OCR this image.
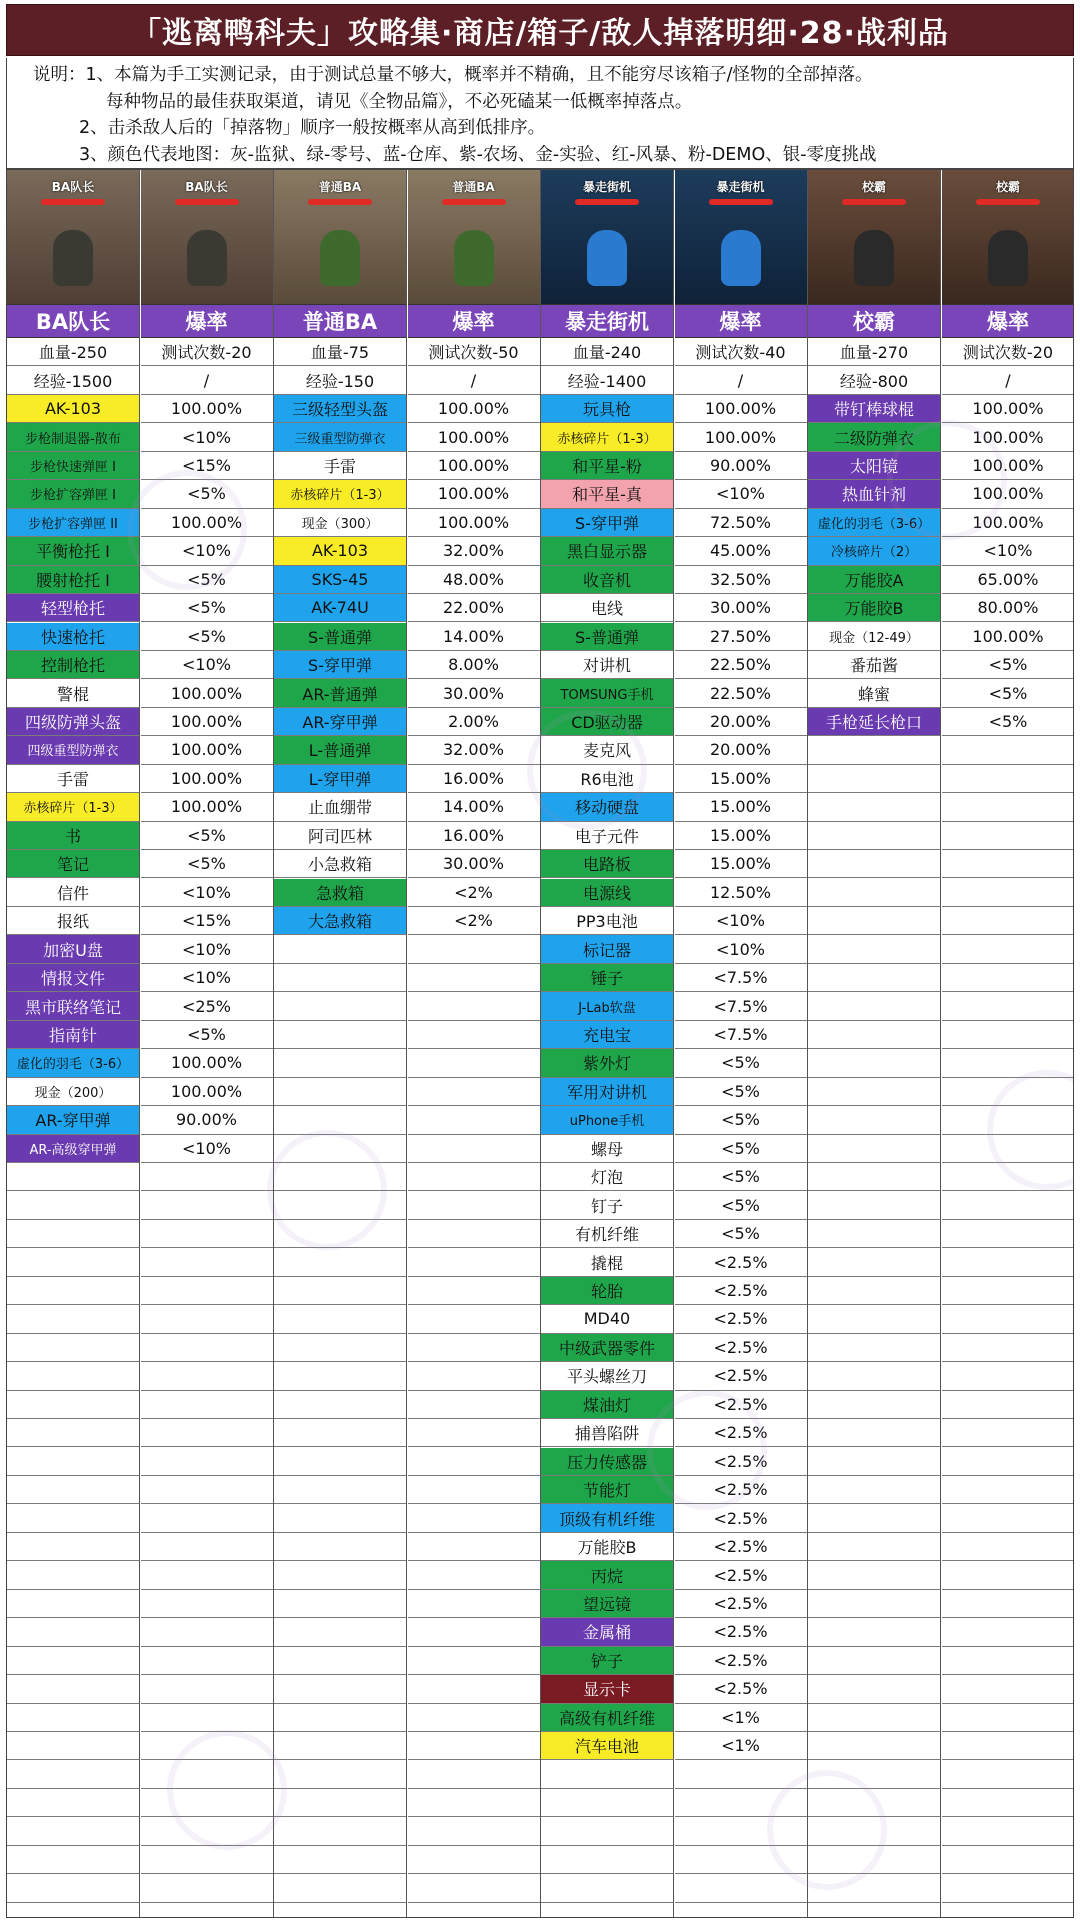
「逃离鸭科夫」攻略集·商店/箱子/敌人掉落明细·28·战利品
说明：1、本篇为手工实测记录，由于测试总量不够大，概率并不精确，且不能穷尽该箱子/怪物的全部掉落。
每种物品的最佳获取渠道，请见《全物品篇》，不必死磕某一低概率掉落点。
2、击杀敌人后的「掉落物」顺序一般按概率从高到低排序。
3、颜色代表地图：灰-监狱、绿-零号、蓝-仓库、紫-农场、金-实验、红-风暴、粉-DEMO、银-零度挑战
BA队长
BA队长
血量-250
经验-1500
AK-103
步枪制退器-散布
步枪快速弹匣 I
步枪扩容弹匣 I
步枪扩容弹匣 II
平衡枪托 I
腰射枪托 I
轻型枪托
快速枪托
控制枪托
警棍
四级防弹头盔
四级重型防弹衣
手雷
赤核碎片（1-3）
书
笔记
信件
报纸
加密U盘
情报文件
黑市联络笔记
指南针
虚化的羽毛（3-6）
现金（200）
AR-穿甲弹
AR-高级穿甲弹
BA队长
爆率
测试次数-20
/
100.00%
<10%
<15%
<5%
100.00%
<10%
<5%
<5%
<5%
<10%
100.00%
100.00%
100.00%
100.00%
100.00%
<5%
<5%
<10%
<15%
<10%
<10%
<25%
<5%
100.00%
100.00%
90.00%
<10%
普通BA
普通BA
血量-75
经验-150
三级轻型头盔
三级重型防弹衣
手雷
赤核碎片（1-3）
现金（300）
AK-103
SKS-45
AK-74U
S-普通弹
S-穿甲弹
AR-普通弹
AR-穿甲弹
L-普通弹
L-穿甲弹
止血绷带
阿司匹林
小急救箱
急救箱
大急救箱
普通BA
爆率
测试次数-50
/
100.00%
100.00%
100.00%
100.00%
100.00%
32.00%
48.00%
22.00%
14.00%
8.00%
30.00%
2.00%
32.00%
16.00%
14.00%
16.00%
30.00%
<2%
<2%
暴走街机
暴走街机
血量-240
经验-1400
玩具枪
赤核碎片（1-3）
和平星-粉
和平星-真
S-穿甲弹
黑白显示器
收音机
电线
S-普通弹
对讲机
TOMSUNG手机
CD驱动器
麦克风
R6电池
移动硬盘
电子元件
电路板
电源线
PP3电池
标记器
锤子
J-Lab软盘
充电宝
紫外灯
军用对讲机
uPhone手机
螺母
灯泡
钉子
有机纤维
撬棍
轮胎
MD40
中级武器零件
平头螺丝刀
煤油灯
捕兽陷阱
压力传感器
节能灯
顶级有机纤维
万能胶B
丙烷
望远镜
金属桶
铲子
显示卡
高级有机纤维
汽车电池
暴走街机
爆率
测试次数-40
/
100.00%
100.00%
90.00%
<10%
72.50%
45.00%
32.50%
30.00%
27.50%
22.50%
22.50%
20.00%
20.00%
15.00%
15.00%
15.00%
15.00%
12.50%
<10%
<10%
<7.5%
<7.5%
<7.5%
<5%
<5%
<5%
<5%
<5%
<5%
<5%
<2.5%
<2.5%
<2.5%
<2.5%
<2.5%
<2.5%
<2.5%
<2.5%
<2.5%
<2.5%
<2.5%
<2.5%
<2.5%
<2.5%
<2.5%
<2.5%
<1%
<1%
校霸
校霸
血量-270
经验-800
带钉棒球棍
二级防弹衣
太阳镜
热血针剂
虚化的羽毛（3-6）
冷核碎片（2）
万能胶A
万能胶B
现金（12-49）
番茄酱
蜂蜜
手枪延长枪口
校霸
爆率
测试次数-20
/
100.00%
100.00%
100.00%
100.00%
100.00%
<10%
65.00%
80.00%
100.00%
<5%
<5%
<5%
